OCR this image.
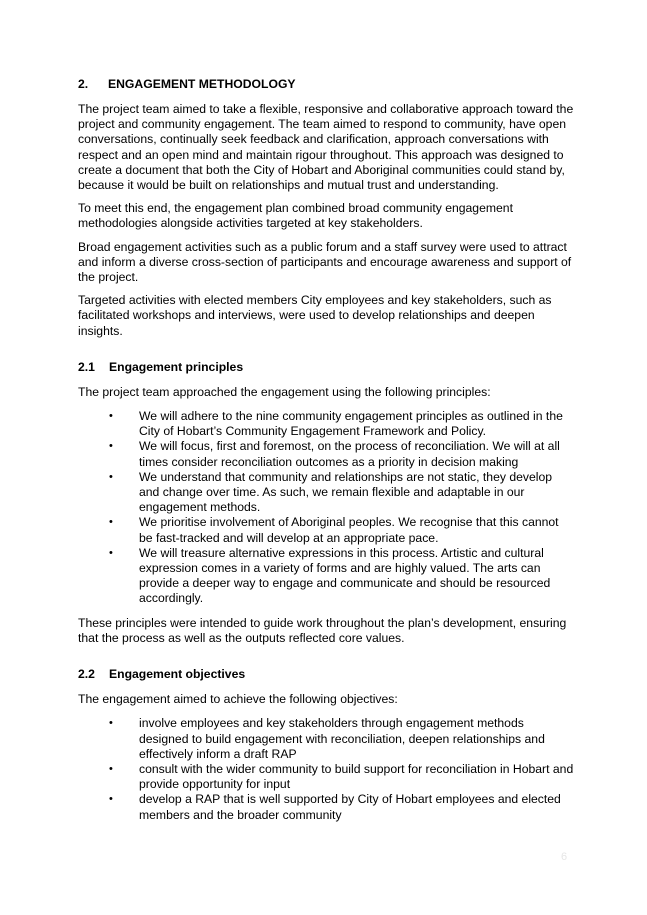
2. ENGAGEMENT METHODOLOGY

The project team aimed to take a flexible, responsive and collaborative approach toward the project and community engagement. The team aimed to respond to community, have open conversations, continually seek feedback and clarification, approach conversations with respect and an open mind and maintain rigour throughout. This approach was designed to create a document that both the City of Hobart and Aboriginal communities could stand by, because it would be built on relationships and mutual trust and understanding.

To meet this end, the engagement plan combined broad community engagement methodologies alongside activities targeted at key stakeholders.

Broad engagement activities such as a public forum and a staff survey were used to attract and inform a diverse cross-section of participants and encourage awareness and support of the project.

Targeted activities with elected members City employees and key stakeholders, such as facilitated workshops and interviews, were used to develop relationships and deepen insights.

2.1 Engagement principles

The project team approached the engagement using the following principles:

• We will adhere to the nine community engagement principles as outlined in the City of Hobart’s Community Engagement Framework and Policy.
• We will focus, first and foremost, on the process of reconciliation. We will at all times consider reconciliation outcomes as a priority in decision making
• We understand that community and relationships are not static, they develop and change over time. As such, we remain flexible and adaptable in our engagement methods.
• We prioritise involvement of Aboriginal peoples. We recognise that this cannot be fast-tracked and will develop at an appropriate pace.
• We will treasure alternative expressions in this process. Artistic and cultural expression comes in a variety of forms and are highly valued. The arts can provide a deeper way to engage and communicate and should be resourced accordingly.

These principles were intended to guide work throughout the plan’s development, ensuring that the process as well as the outputs reflected core values.

2.2 Engagement objectives

The engagement aimed to achieve the following objectives:

• involve employees and key stakeholders through engagement methods designed to build engagement with reconciliation, deepen relationships and effectively inform a draft RAP
• consult with the wider community to build support for reconciliation in Hobart and provide opportunity for input
• develop a RAP that is well supported by City of Hobart employees and elected members and the broader community
6
